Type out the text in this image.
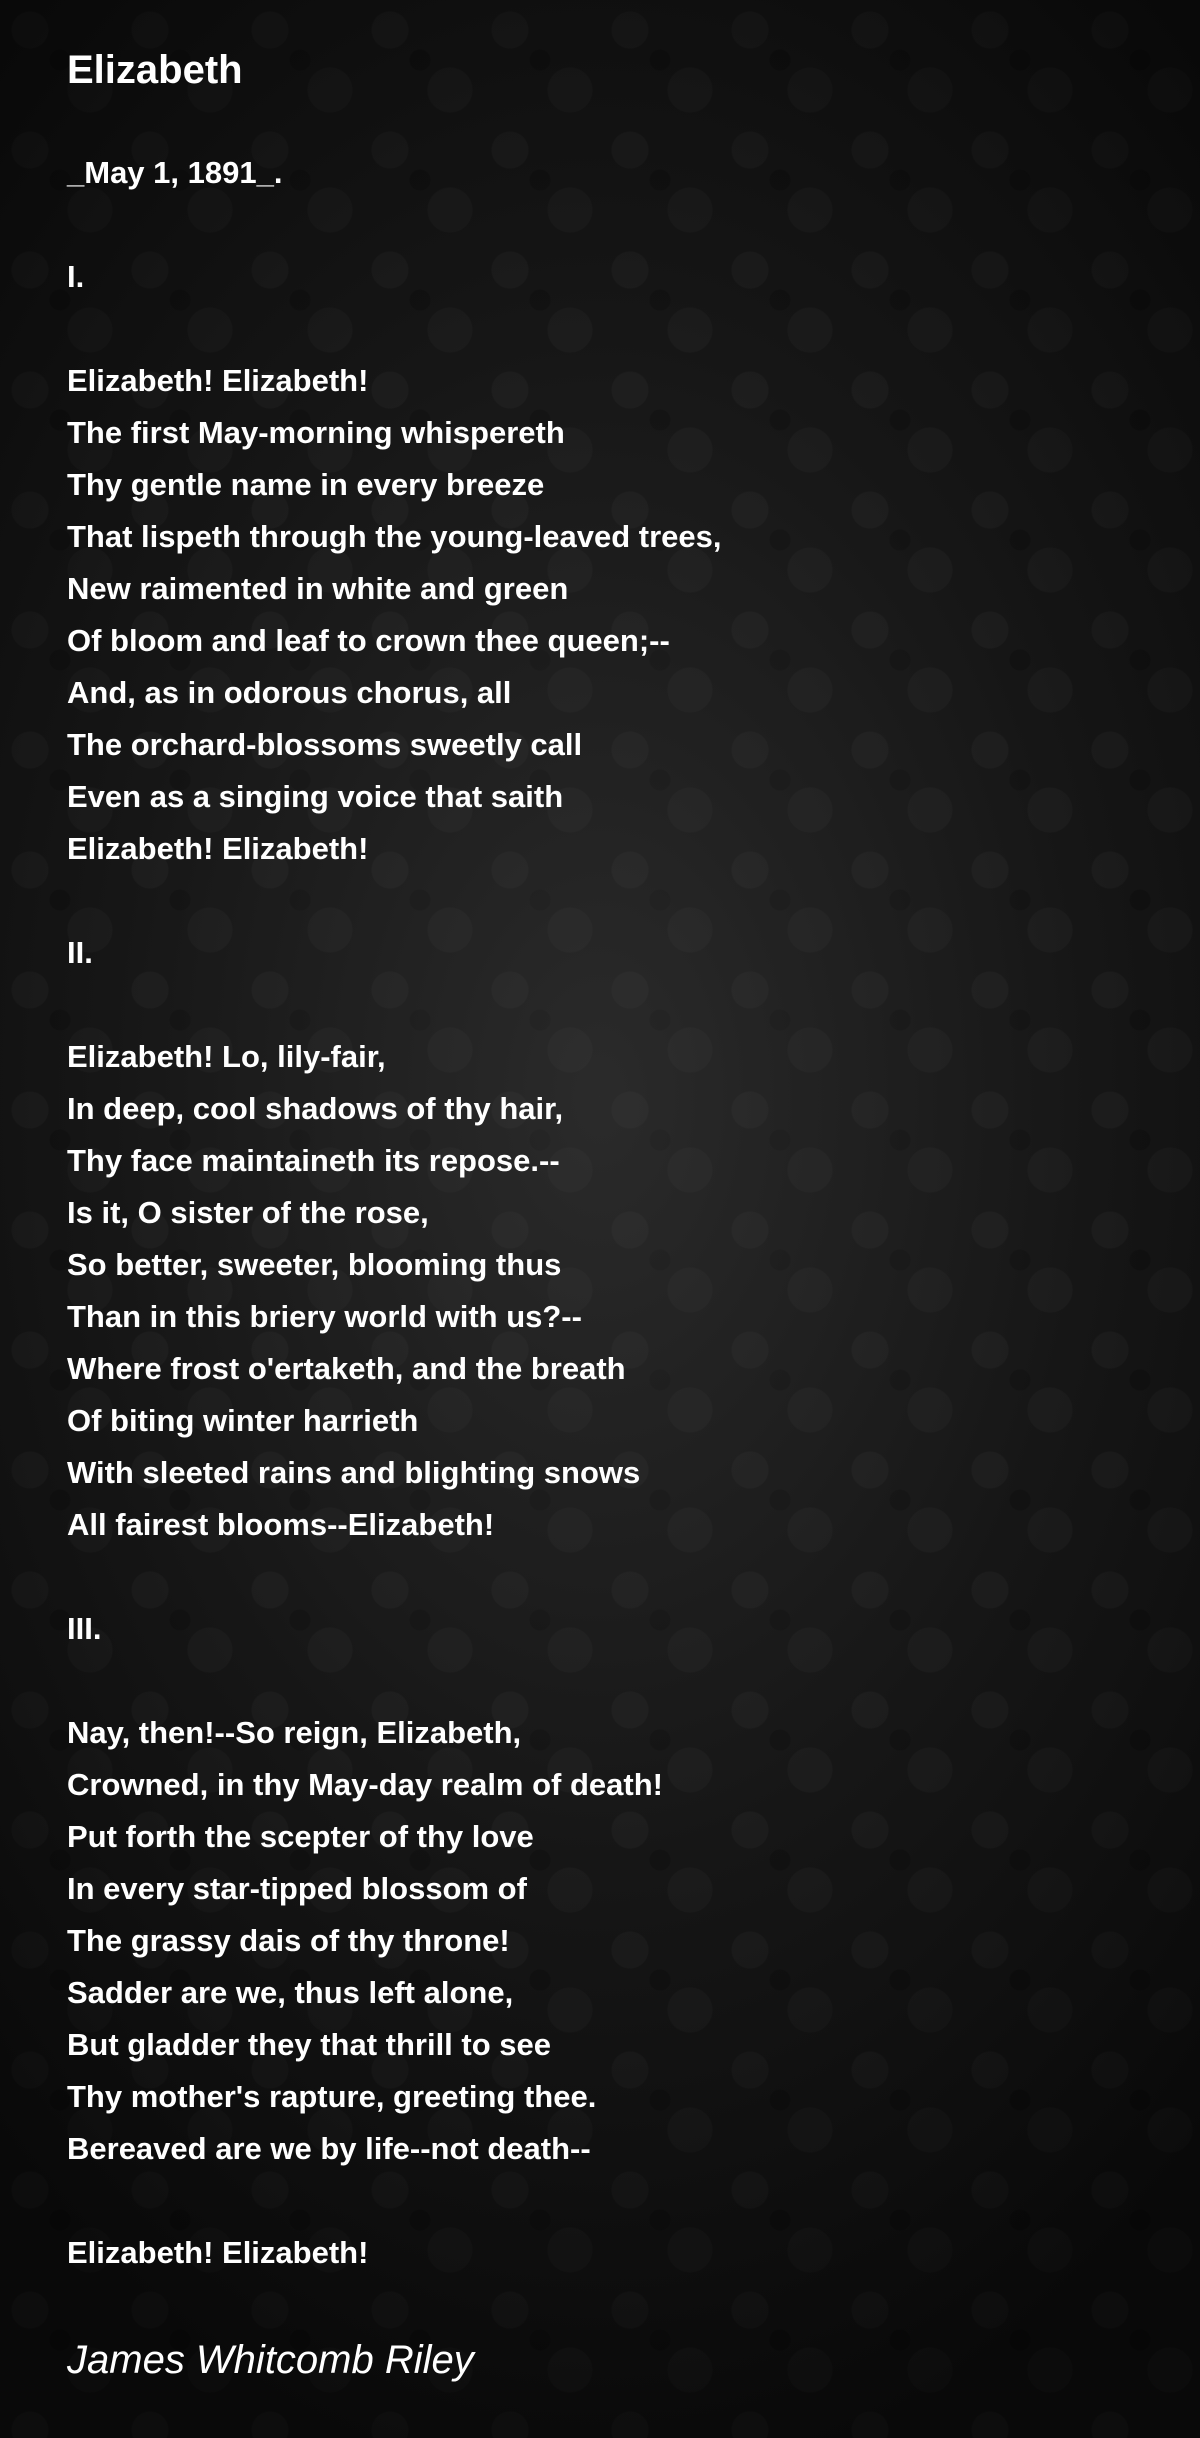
Elizabeth
_May 1, 1891_.
I.
Elizabeth! Elizabeth!
The first May-morning whispereth
Thy gentle name in every breeze
That lispeth through the young-leaved trees,
New raimented in white and green
Of bloom and leaf to crown thee queen;--
And, as in odorous chorus, all
The orchard-blossoms sweetly call
Even as a singing voice that saith
Elizabeth! Elizabeth!
II.
Elizabeth! Lo, lily-fair,
In deep, cool shadows of thy hair,
Thy face maintaineth its repose.--
Is it, O sister of the rose,
So better, sweeter, blooming thus
Than in this briery world with us?--
Where frost o'ertaketh, and the breath
Of biting winter harrieth
With sleeted rains and blighting snows
All fairest blooms--Elizabeth!
III.
Nay, then!--So reign, Elizabeth,
Crowned, in thy May-day realm of death!
Put forth the scepter of thy love
In every star-tipped blossom of
The grassy dais of thy throne!
Sadder are we, thus left alone,
But gladder they that thrill to see
Thy mother's rapture, greeting thee.
Bereaved are we by life--not death--
Elizabeth! Elizabeth!

James Whitcomb Riley
